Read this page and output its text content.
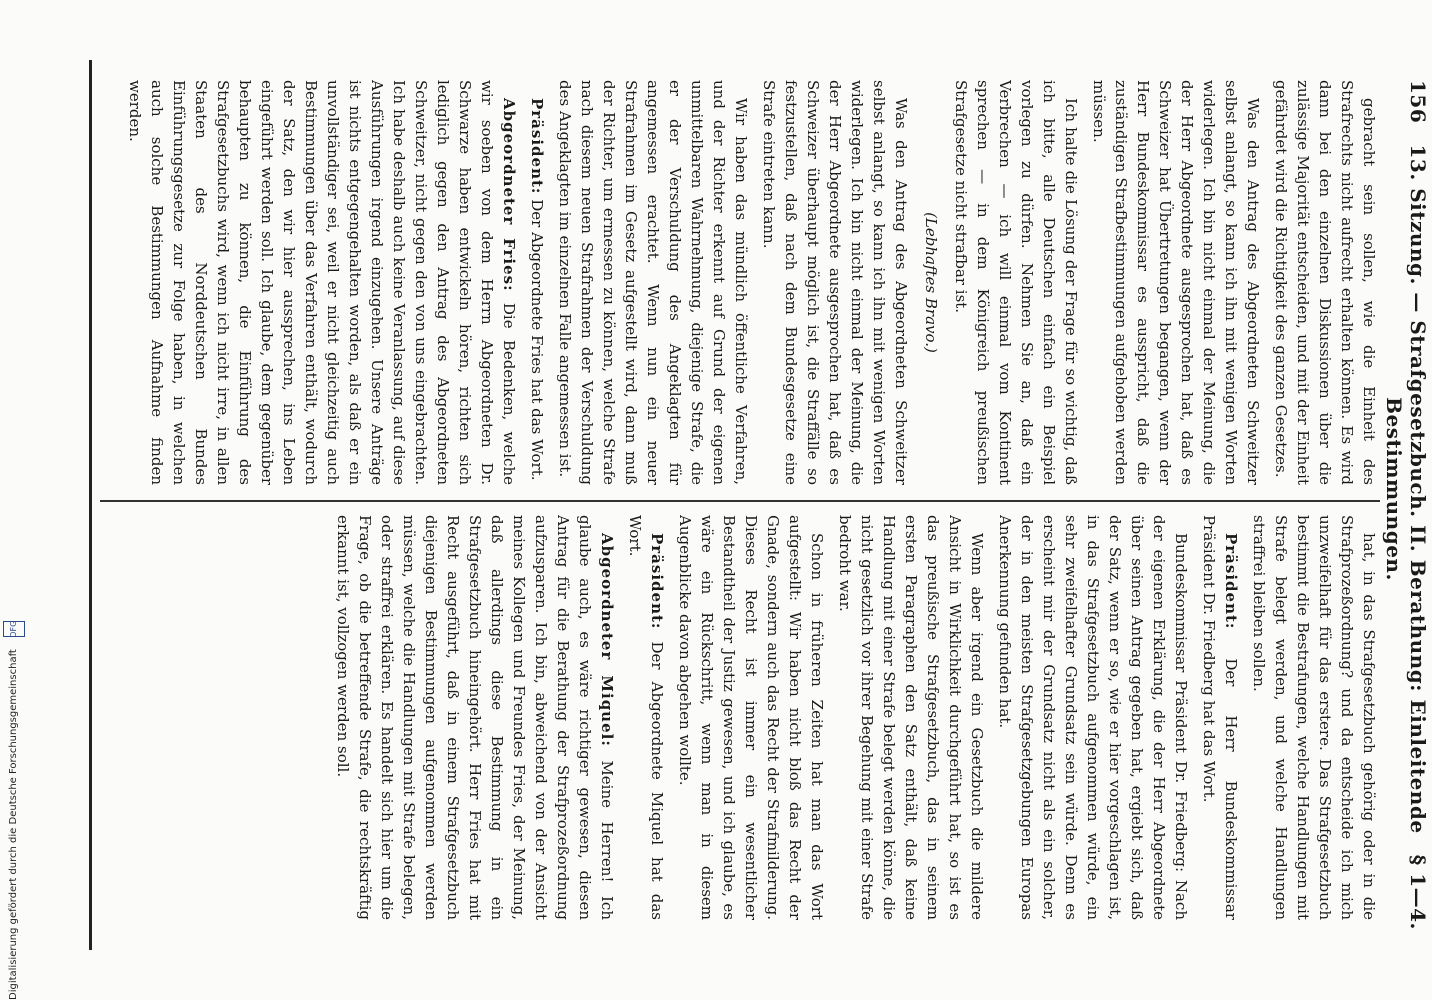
156
13. Sitzung. — Strafgesetzbuch. II. Berathung: Einleitende Bestimmungen.
§ 1—4.

gebracht sein sollen, wie die Einheit des Strafrechts nicht aufrecht erhalten können. Es wird dann bei den einzelnen Diskussionen über die zulässige Majorität entscheiden, und mit der Einheit gefährdet wird die Richtigkeit des ganzen Gesetzes.

Was den Antrag des Abgeordneten Schweitzer selbst anlangt, so kann ich ihn mit wenigen Worten widerlegen. Ich bin nicht einmal der Meinung, die der Herr Abgeordnete ausgesprochen hat, daß es Schweizer hat Übertretungen begangen, wenn der Herr Bundeskommissar es ausspricht, daß die zuständigen Strafbestimmungen aufgehoben werden müssen.

Ich halte die Lösung der Frage für so wichtig, daß ich bitte, alle Deutschen einfach ein Beispiel vorlegen zu dürfen. Nehmen Sie an, daß ein Verbrechen — ich will einmal vom Kontinent sprechen — in dem Königreich preußischen Strafgesetze nicht strafbar ist.

(Lebhaftes Bravo.)

Was den Antrag des Abgeordneten Schweitzer selbst anlangt, so kann ich ihn mit wenigen Worten widerlegen. Ich bin nicht einmal der Meinung, die der Herr Abgeordnete ausgesprochen hat, daß es Schweizer überhaupt möglich ist, die Straffälle so festzustellen, daß nach dem Bundesgesetze eine Strafe eintreten kann.

Wir haben das mündlich öffentliche Verfahren, und der Richter erkennt auf Grund der eigenen unmittelbaren Wahrnehmung, diejenige Strafe, die er der Verschuldung des Angeklagten für angemessen erachtet. Wenn nun ein neuer Strafrahmen im Gesetz aufgestellt wird, dann muß der Richter, um ermessen zu können, welche Strafe nach diesem neuen Strafrahmen der Verschuldung des Angeklagten im einzelnen Falle angemessen ist.

Präsident: Der Abgeordnete Fries hat das Wort.

Abgeordneter Fries: Die Bedenken, welche wir soeben von dem Herrn Abgeordneten Dr. Schwarze haben entwickeln hören, richten sich lediglich gegen den Antrag des Abgeordneten Schweitzer, nicht gegen den von uns eingebrachten. Ich habe deshalb auch keine Veranlassung, auf diese Ausführungen irgend einzugehen. Unsere Anträge ist nichts entgegengehalten worden, als daß er ein unvollständiger sei, weil er nicht gleichzeitig auch Bestimmungen über das Verfahren enthält, wodurch der Satz, den wir hier aussprechen, ins Leben eingeführt werden soll. Ich glaube, dem gegenüber behaupten zu können, die Einführung des Strafgesetzbuchs wird, wenn ich nicht irre, in allen Staaten des Norddeutschen Bundes Einführungsgesetze zur Folge haben, in welchen auch solche Bestimmungen Aufnahme finden werden.

hat, in das Strafgesetzbuch gehörig oder in die Strafprozeßordnung? und da entscheide ich mich unzweifelhaft für das erstere. Das Strafgesetzbuch bestimmt die Bestrafungen, welche Handlungen mit Strafe belegt werden, und welche Handlungen straffrei bleiben sollen.

Präsident: Der Herr Bundeskommissar Präsident Dr. Friedberg hat das Wort.

Bundeskommissar Präsident Dr. Friedberg: Nach der eigenen Erklärung, die der Herr Abgeordnete über seinen Antrag gegeben hat, ergiebt sich, daß der Satz, wenn er so, wie er hier vorgeschlagen ist, in das Strafgesetzbuch aufgenommen würde, ein sehr zweifelhafter Grundsatz sein würde. Denn es erscheint mir der Grundsatz nicht als ein solcher, der in den meisten Strafgesetzgebungen Europas Anerkennung gefunden hat.

Wenn aber irgend ein Gesetzbuch die mildere Ansicht in Wirklichkeit durchgeführt hat, so ist es das preußische Strafgesetzbuch, das in seinem ersten Paragraphen den Satz enthält, daß keine Handlung mit einer Strafe belegt werden könne, die nicht gesetzlich vor ihrer Begehung mit einer Strafe bedroht war.

Schon in früheren Zeiten hat man das Wort aufgestellt: Wir haben nicht bloß das Recht der Gnade, sondern auch das Recht der Strafmilderung. Dieses Recht ist immer ein wesentlicher Bestandtheil der Justiz gewesen, und ich glaube, es wäre ein Rückschritt, wenn man in diesem Augenblicke davon abgehen wollte.

Präsident: Der Abgeordnete Miquel hat das Wort.

Abgeordneter Miquel: Meine Herren! Ich glaube auch, es wäre richtiger gewesen, diesen Antrag für die Berathung der Strafprozeßordnung aufzusparen. Ich bin, abweichend von der Ansicht meines Kollegen und Freundes Fries, der Meinung, daß allerdings diese Bestimmung in ein Strafgesetzbuch hineingehört. Herr Fries hat mit Recht ausgeführt, daß in einem Strafgesetzbuch diejenigen Bestimmungen aufgenommen werden müssen, welche die Handlungen mit Strafe belegen, oder straffrei erklären. Es handelt sich hier um die Frage, ob die betreffende Strafe, die rechtskräftig erkannt ist, vollzogen werden soll.

Digitalisierung gefördert durch die Deutsche Forschungsgemeinschaft
DFG
